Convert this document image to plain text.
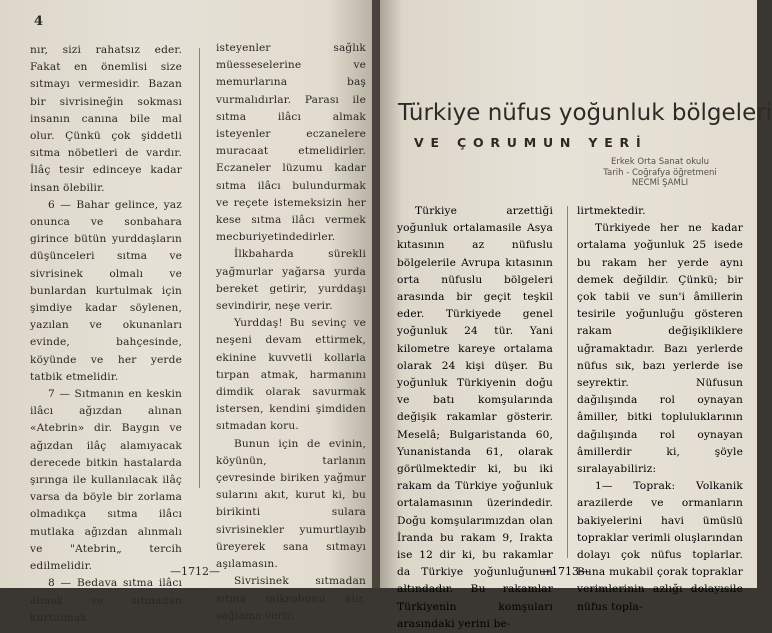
4

nır, sizi rahatsız eder. Fakat en önemlisi size sıtmayı vermesidir. Bazan bir sivrisineğin sokması insanın canına bile mal olur. Çünkü çok şiddetli sıtma nöbetleri de vardır. İlâç tesir edinceye kadar insan ölebilir.

6 — Bahar gelince, yaz onunca ve sonbahara girince bütün yurddaşların düşünceleri sıtma ve sivrisinek olmalı ve bunlardan kurtulmak için şimdiye kadar söylenen, yazılan ve okunanları evinde, bahçesinde, köyünde ve her yerde tatbik etmelidir.

7 — Sıtmanın en keskin ilâcı ağızdan alınan «Atebrin» dir. Baygın ve ağızdan ilâç alamıyacak derecede bitkin hastalarda şırınga ile kullanılacak ilâç varsa da böyle bir zorlama olmadıkça sıtma ilâcı mutlaka ağızdan alınmalı ve "Atebrin„ tercih edilmelidir.

8 — Bedava sıtma ilâcı almak ve sıtmadan kurtulmak

isteyenler sağlık müesseselerine ve memurlarına baş vurmalıdırlar. Parası ile sıtma ilâcı almak isteyenler eczanelere muracaat etmelidirler. Eczaneler lüzumu kadar sıtma ilâcı bulundurmak ve reçete istemeksizin her kese sıtma ilâcı vermek mecburiyetindedirler.

İlkbaharda sürekli yağmurlar yağarsa yurda bereket getirir, yurddaşı sevindirir, neşe verir.

Yurddaş! Bu sevinç ve neşeni devam ettirmek, ekinine kuvvetli kollarla tırpan atmak, harmanını dimdik olarak savurmak istersen, kendini şimdiden sıtmadan koru.

Bunun için de evinin, köyünün, tarlanın çevresinde biriken yağmur sularını akıt, kurut ki, bu birikinti sulara sivrisinekler yumurtlayıb üreyerek sana sıtmayı aşılamasın.

Sivrisinek sıtmadan sıtma mikrobunu alır, sağlama verir.

—1712—
Türkiye nüfus yoğunluk bölgeleri
VE ÇORUMUN YERİ
Erkek Orta Sanat okulu
Tarih - Coğrafya öğretmeni
NECMİ ŞAMLI

Türkiye arzettiği yoğunluk ortalamasile Asya kıtasının az nüfuslu bölgelerile Avrupa kıtasının orta nüfuslu bölgeleri arasında bir geçit teşkil eder. Türkiyede genel yoğunluk 24 tür. Yani kilometre kareye ortalama olarak 24 kişi düşer. Bu yoğunluk Türkiyenin doğu ve batı komşularında değişik rakamlar gösterir. Meselâ; Bulgaristanda 60, Yunanistanda 61, olarak görülmektedir ki, bu iki rakam da Türkiye yoğunluk ortalamasının üzerindedir. Doğu komşularımızdan olan İranda bu rakam 9, Irakta ise 12 dir ki, bu rakamlar da Türkiye yoğunluğunun altındadır. Bu rakamlar Türkiyenin komşuları arasındaki yerini be-

lirtmektedir.

Türkiyede her ne kadar ortalama yoğunluk 25 isede bu rakam her yerde aynı demek değildir. Çünkü; bir çok tabii ve sun'i âmillerin tesirile yoğunluğu gösteren rakam değişikliklere uğramaktadır. Bazı yerlerde nüfus sık, bazı yerlerde ise seyrektir. Nüfusun dağılışında rol oynayan âmiller, bitki topluluklarının dağılışında rol oynayan âmillerdir ki, şöyle sıralayabiliriz:

1— Toprak: Volkanik arazilerde ve ormanların bakiyelerini havi ümüslü topraklar verimli oluşlarından dolayı çok nüfus toplarlar. Buna mukabil çorak topraklar verimlerinin azlığı dolayısile nüfus topla-

—1713—
